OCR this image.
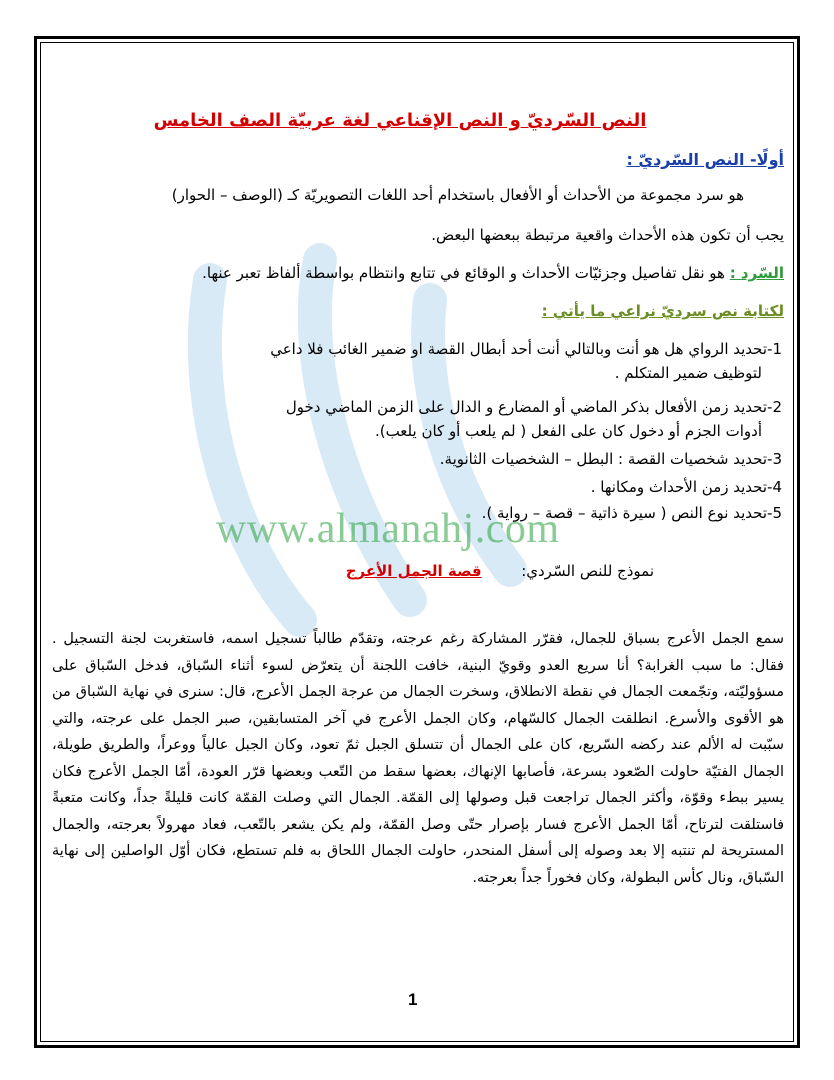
النص السّرديّ و النص الإقناعي لغة عربيّة الصف الخامس
أولًا- النص السّرديّ :
هو سرد مجموعة من الأحداث أو الأفعال باستخدام أحد اللغات التصويريّة كـ (الوصف – الحوار)
يجب أن تكون هذه الأحداث واقعية مرتبطة ببعضها البعض.
السّرد : هو نقل تفاصيل وجزئيّات الأحداث و الوقائع في تتابع وانتظام بواسطة ألفاظ تعبر عنها.
لكتابة نص سرديّ نراعي ما يأتي :
1-تحديد الرواي هل هو أنت وبالتالي أنت أحد أبطال القصة او ضمير الغائب فلا داعي
لتوظيف ضمير المتكلم .
2-تحديد زمن الأفعال بذكر الماضي أو المضارع و الدال على الزمن الماضي دخول
أدوات الجزم أو دخول كان على الفعل ( لم يلعب أو كان يلعب).
3-تحديد شخصيات القصة : البطل – الشخصيات الثانوية.
4-تحديد زمن الأحداث ومكانها .
5-تحديد نوع النص ( سيرة ذاتية – قصة – رواية ).
www.almanahj.com
نموذج للنص السّردي:  قصة الجمل الأعرج
سمع الجمل الأعرج بسباق للجمال، فقرّر المشاركة رغم عرجته، وتقدّم طالباً تسجيل اسمه، فاستغربت لجنة التسجيل . فقال: ما سبب الغرابة؟ أنا سريع العدو وقويّ البنية، خافت اللجنة أن يتعرّض لسوء أثناء السّباق، فدخل السّباق على مسؤوليّته، وتجّمعت الجمال في نقطة الانطلاق، وسخرت الجمال من عرجة الجمل الأعرج، قال: سنرى في نهاية السّباق من هو الأقوى والأسرع. انطلقت الجمال كالسّهام، وكان الجمل الأعرج في آخر المتسابقين، صبر الجمل على عرجته، والتي سبّبت له الألم عند ركضه السّريع، كان على الجمال أن تتسلق الجبل ثمّ تعود، وكان الجبل عالياً ووعراً، والطريق طويلة، الجمال الفتيّة حاولت الصّعود بسرعة، فأصابها الإنهاك، بعضها سقط من التّعب وبعضها قرّر العودة، أمّا الجمل الأعرج فكان يسير ببطء وقوّة، وأكثر الجمال تراجعت قبل وصولها إلى القمّة. الجمال التي وصلت القمّة كانت قليلةً جداً، وكانت متعبةً فاستلقت لترتاح، أمّا الجمل الأعرج فسار بإصرار حتّى وصل القمّة، ولم يكن يشعر بالتّعب، فعاد مهرولاً بعرجته، والجمال المستريحة لم تنتبه إلا بعد وصوله إلى أسفل المنحدر، حاولت الجمال اللحاق به فلم تستطع، فكان أوّل الواصلين إلى نهاية السّباق، ونال كأس البطولة، وكان فخوراً جداً بعرجته.
1
